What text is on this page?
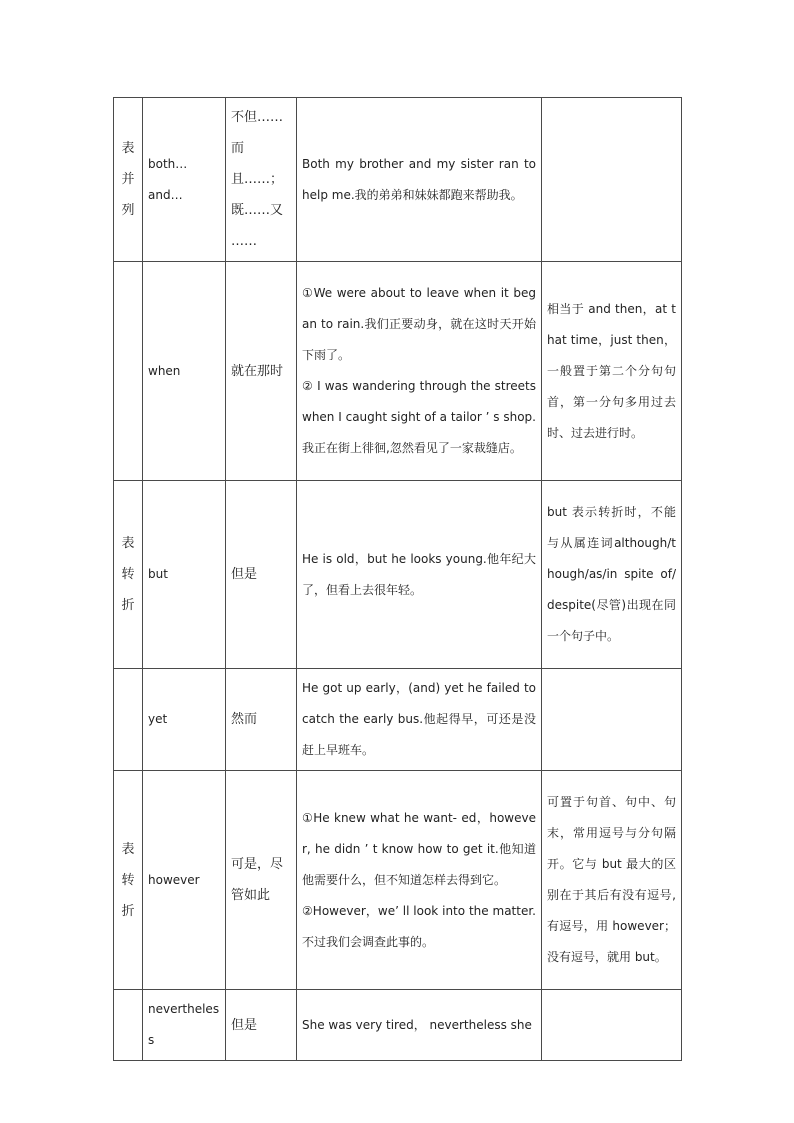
表
并
列	both…
and…	不但……
而
且……；
既……又
……	Both my brother and my sister ran to help me.我的弟弟和妹妹都跑来帮助我。	

	when	就在那时	①We were about to leave when it began to rain.我们正要动身，就在这时天开始下雨了。
② I was wandering through the streets when I caught sight of a tailor ’ s shop.我正在街上徘徊,忽然看见了一家裁缝店。	相当于 and then，at that time，just then，一般置于第二个分句句首，第一分句多用过去时、过去进行时。

表
转
折	but	但是	He is old，but he looks young.他年纪大了，但看上去很年轻。	but 表示转折时，不能与从属连词although/though/as/in spite of/despite(尽管)出现在同一个句子中。

	yet	然而	He got up early，(and) yet he failed to catch the early bus.他起得早，可还是没赶上早班车。	

表
转
折	however	可是，尽管如此	①He knew what he want- ed，however, he didn ’ t know how to get it.他知道他需要什么，但不知道怎样去得到它。
②However，we’ ll look into the matter.不过我们会调查此事的。	可置于句首、句中、句末，常用逗号与分句隔开。它与 but 最大的区别在于其后有没有逗号,有逗号，用 however；没有逗号，就用 but。

	nevertheless	但是	She was very tired， nevertheless she	
